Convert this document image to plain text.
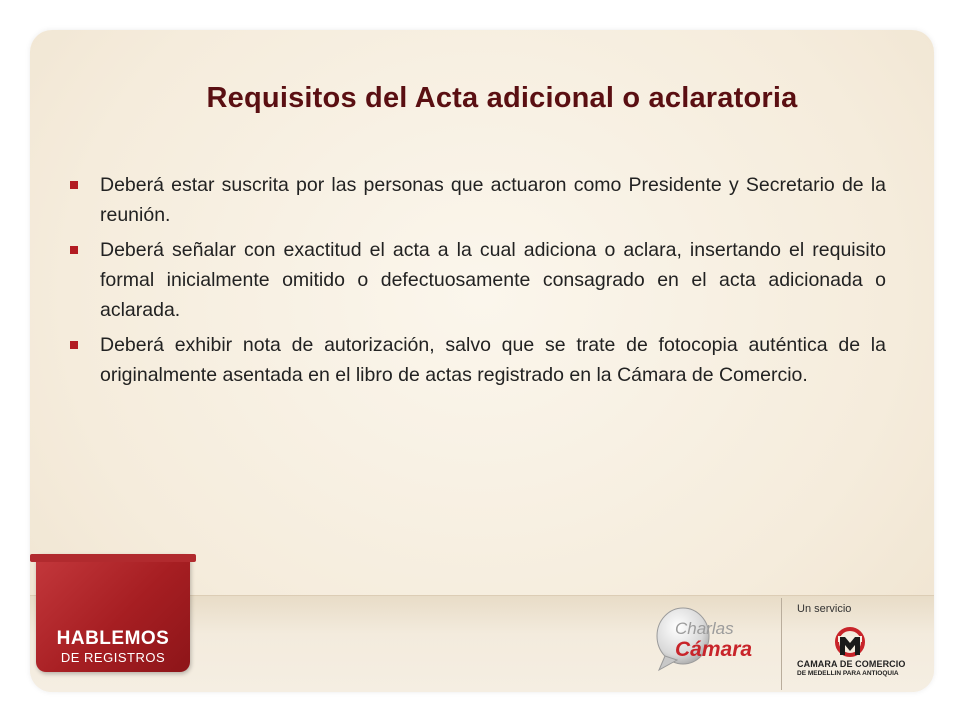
Requisitos del Acta adicional o aclaratoria
Deberá estar suscrita por las personas que actuaron como Presidente y Secretario de la reunión.
Deberá señalar con exactitud el acta a la cual adiciona o aclara, insertando el requisito formal inicialmente omitido o defectuosamente consagrado en el acta adicionada o aclarada.
Deberá exhibir nota de autorización, salvo que se trate de fotocopia auténtica de la originalmente asentada en el libro de actas registrado en la Cámara de Comercio.
HABLEMOS
DE REGISTROS
Charlas
Cámara
Un servicio
CAMARA DE COMERCIO
DE MEDELLIN PARA ANTIOQUIA
